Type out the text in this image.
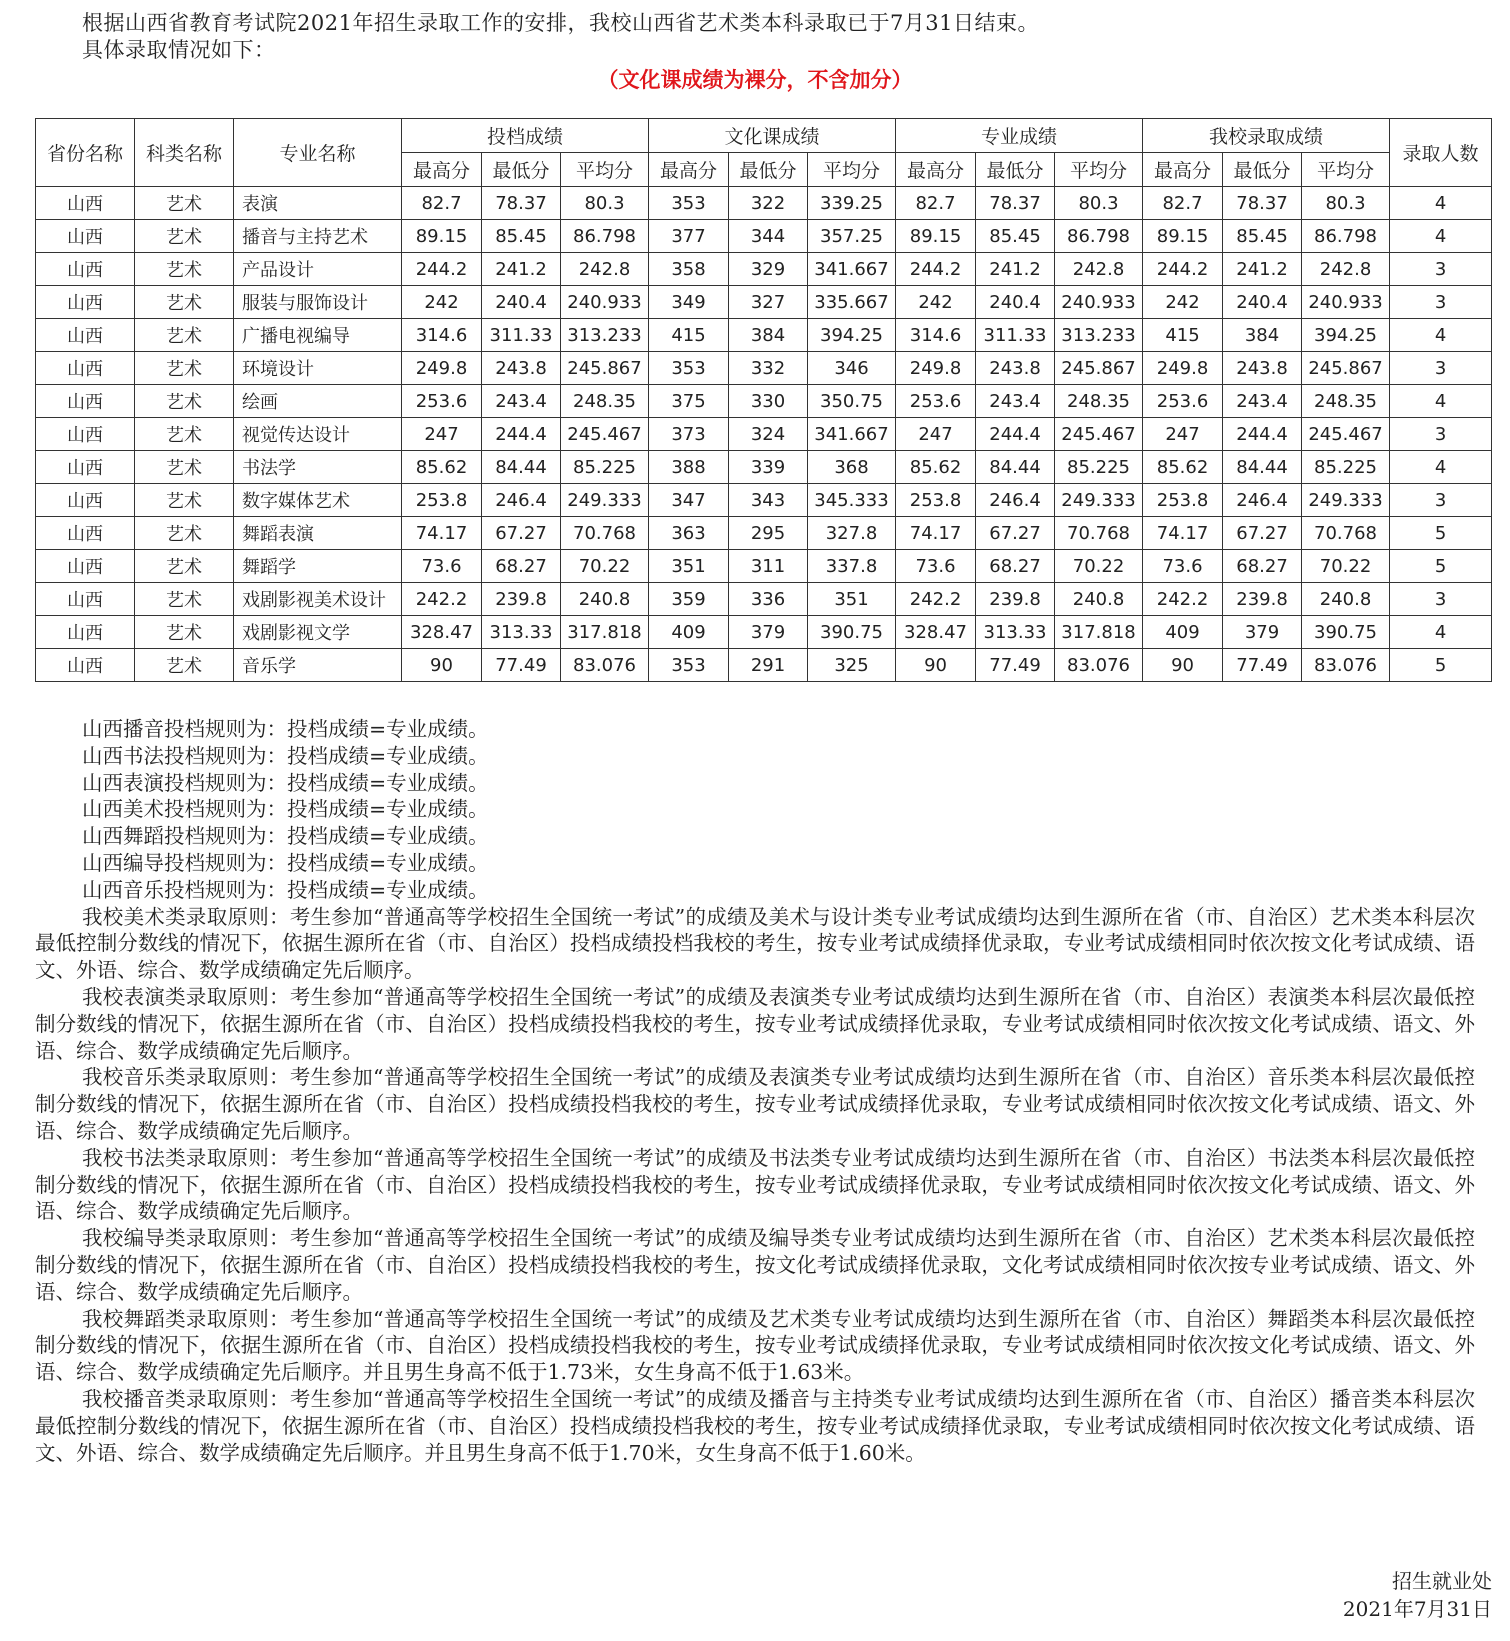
根据山西省教育考试院2021年招生录取工作的安排，我校山西省艺术类本科录取已于7月31日结束。
具体录取情况如下：
（文化课成绩为裸分，不含加分）
省份名称	科类名称	专业名称	投档成绩			文化课成绩			专业成绩			我校录取成绩			录取人数
			最高分	最低分	平均分	最高分	最低分	平均分	最高分	最低分	平均分	最高分	最低分	平均分	
山西	艺术	表演	82.7	78.37	80.3	353	322	339.25	82.7	78.37	80.3	82.7	78.37	80.3	4
山西	艺术	播音与主持艺术	89.15	85.45	86.798	377	344	357.25	89.15	85.45	86.798	89.15	85.45	86.798	4
山西	艺术	产品设计	244.2	241.2	242.8	358	329	341.667	244.2	241.2	242.8	244.2	241.2	242.8	3
山西	艺术	服装与服饰设计	242	240.4	240.933	349	327	335.667	242	240.4	240.933	242	240.4	240.933	3
山西	艺术	广播电视编导	314.6	311.33	313.233	415	384	394.25	314.6	311.33	313.233	415	384	394.25	4
山西	艺术	环境设计	249.8	243.8	245.867	353	332	346	249.8	243.8	245.867	249.8	243.8	245.867	3
山西	艺术	绘画	253.6	243.4	248.35	375	330	350.75	253.6	243.4	248.35	253.6	243.4	248.35	4
山西	艺术	视觉传达设计	247	244.4	245.467	373	324	341.667	247	244.4	245.467	247	244.4	245.467	3
山西	艺术	书法学	85.62	84.44	85.225	388	339	368	85.62	84.44	85.225	85.62	84.44	85.225	4
山西	艺术	数字媒体艺术	253.8	246.4	249.333	347	343	345.333	253.8	246.4	249.333	253.8	246.4	249.333	3
山西	艺术	舞蹈表演	74.17	67.27	70.768	363	295	327.8	74.17	67.27	70.768	74.17	67.27	70.768	5
山西	艺术	舞蹈学	73.6	68.27	70.22	351	311	337.8	73.6	68.27	70.22	73.6	68.27	70.22	5
山西	艺术	戏剧影视美术设计	242.2	239.8	240.8	359	336	351	242.2	239.8	240.8	242.2	239.8	240.8	3
山西	艺术	戏剧影视文学	328.47	313.33	317.818	409	379	390.75	328.47	313.33	317.818	409	379	390.75	4
山西	艺术	音乐学	90	77.49	83.076	353	291	325	90	77.49	83.076	90	77.49	83.076	5

山西播音投档规则为：投档成绩=专业成绩。

山西书法投档规则为：投档成绩=专业成绩。

山西表演投档规则为：投档成绩=专业成绩。

山西美术投档规则为：投档成绩=专业成绩。

山西舞蹈投档规则为：投档成绩=专业成绩。

山西编导投档规则为：投档成绩=专业成绩。

山西音乐投档规则为：投档成绩=专业成绩。

我校美术类录取原则：考生参加“普通高等学校招生全国统一考试”的成绩及美术与设计类专业考试成绩均达到生源所在省（市、自治区）艺术类本科层次最低控制分数线的情况下，依据生源所在省（市、自治区）投档成绩投档我校的考生，按专业考试成绩择优录取，专业考试成绩相同时依次按文化考试成绩、语文、外语、综合、数学成绩确定先后顺序。

我校表演类录取原则：考生参加“普通高等学校招生全国统一考试”的成绩及表演类专业考试成绩均达到生源所在省（市、自治区）表演类本科层次最低控制分数线的情况下，依据生源所在省（市、自治区）投档成绩投档我校的考生，按专业考试成绩择优录取，专业考试成绩相同时依次按文化考试成绩、语文、外语、综合、数学成绩确定先后顺序。

我校音乐类录取原则：考生参加“普通高等学校招生全国统一考试”的成绩及表演类专业考试成绩均达到生源所在省（市、自治区）音乐类本科层次最低控制分数线的情况下，依据生源所在省（市、自治区）投档成绩投档我校的考生，按专业考试成绩择优录取，专业考试成绩相同时依次按文化考试成绩、语文、外语、综合、数学成绩确定先后顺序。

我校书法类录取原则：考生参加“普通高等学校招生全国统一考试”的成绩及书法类专业考试成绩均达到生源所在省（市、自治区）书法类本科层次最低控制分数线的情况下，依据生源所在省（市、自治区）投档成绩投档我校的考生，按专业考试成绩择优录取，专业考试成绩相同时依次按文化考试成绩、语文、外语、综合、数学成绩确定先后顺序。

我校编导类录取原则：考生参加“普通高等学校招生全国统一考试”的成绩及编导类专业考试成绩均达到生源所在省（市、自治区）艺术类本科层次最低控制分数线的情况下，依据生源所在省（市、自治区）投档成绩投档我校的考生，按文化考试成绩择优录取，文化考试成绩相同时依次按专业考试成绩、语文、外语、综合、数学成绩确定先后顺序。

我校舞蹈类录取原则：考生参加“普通高等学校招生全国统一考试”的成绩及艺术类专业考试成绩均达到生源所在省（市、自治区）舞蹈类本科层次最低控制分数线的情况下，依据生源所在省（市、自治区）投档成绩投档我校的考生，按专业考试成绩择优录取，专业考试成绩相同时依次按文化考试成绩、语文、外语、综合、数学成绩确定先后顺序。并且男生身高不低于1.73米，女生身高不低于1.63米。

我校播音类录取原则：考生参加“普通高等学校招生全国统一考试”的成绩及播音与主持类专业考试成绩均达到生源所在省（市、自治区）播音类本科层次最低控制分数线的情况下，依据生源所在省（市、自治区）投档成绩投档我校的考生，按专业考试成绩择优录取，专业考试成绩相同时依次按文化考试成绩、语文、外语、综合、数学成绩确定先后顺序。并且男生身高不低于1.70米，女生身高不低于1.60米。

招生就业处
2021年7月31日
